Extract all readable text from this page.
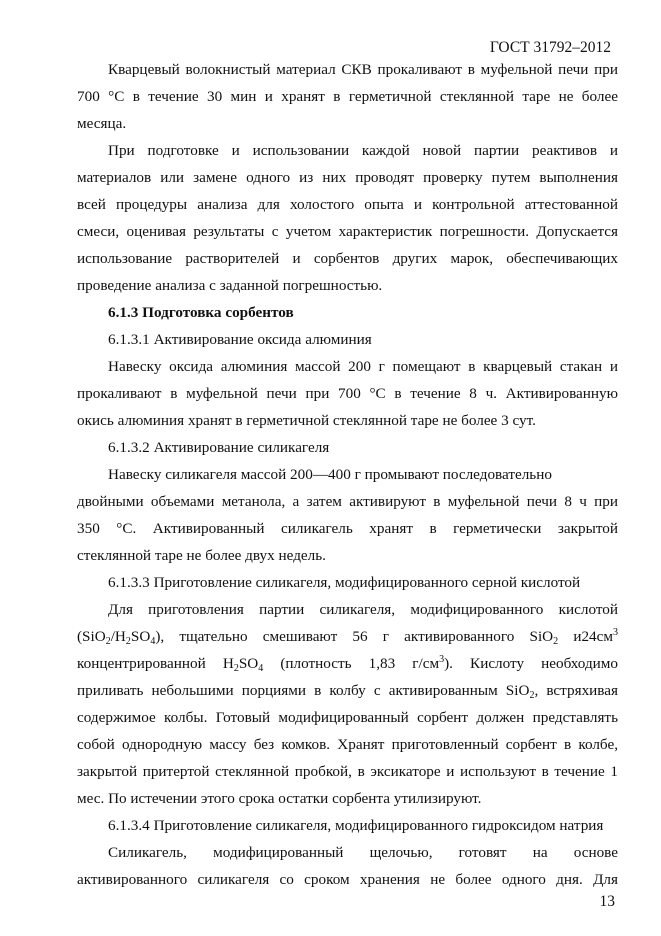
ГОСТ 31792–2012
Кварцевый волокнистый материал СКВ прокаливают в муфельной печи при
700 °С в течение 30 мин и хранят в герметичной стеклянной таре не более
месяца.
При подготовке и использовании каждой новой партии реактивов и
материалов или замене одного из них проводят проверку путем выполнения
всей процедуры анализа для холостого опыта и контрольной аттестованной
смеси, оценивая результаты с учетом характеристик погрешности. Допускается
использование растворителей и сорбентов других марок, обеспечивающих
проведение анализа с заданной погрешностью.
6.1.3 Подготовка сорбентов
6.1.3.1 Активирование оксида алюминия
Навеску оксида алюминия массой 200 г помещают в кварцевый стакан и
прокаливают в муфельной печи при 700 °С в течение 8 ч. Активированную
окись алюминия хранят в герметичной стеклянной таре не более 3 сут.
6.1.3.2 Активирование силикагеля
Навеску силикагеля массой 200—400 г промывают последовательно
двойными объемами метанола, а затем активируют в муфельной печи 8 ч при
350 °С. Активированный силикагель хранят в герметически закрытой
стеклянной таре не более двух недель.
6.1.3.3 Приготовление силикагеля, модифицированного серной кислотой
Для приготовления партии силикагеля, модифицированного кислотой
$(SiO_2/H_2SO_4)$, тщательно смешивают 56 г активированного SiO$_2$ $и24см^3$
концентрированной $H_2SO_4$ (плотность 1,83 $г/см^3$). Кислоту необходимо
приливать небольшими порциями в колбу с активированным SiO$_2$, встряхивая
содержимое колбы. Готовый модифицированный сорбент должен представлять
собой однородную массу без комков. Хранят приготовленный сорбент в колбе,
закрытой притертой стеклянной пробкой, в эксикаторе и используют в течение 1
мес. По истечении этого срока остатки сорбента утилизируют.
6.1.3.4 Приготовление силикагеля, модифицированного гидроксидом натрия
Силикагель, модифицированный щелочью, готовят на основе
активированного силикагеля со сроком хранения не более одного дня. Для
13
